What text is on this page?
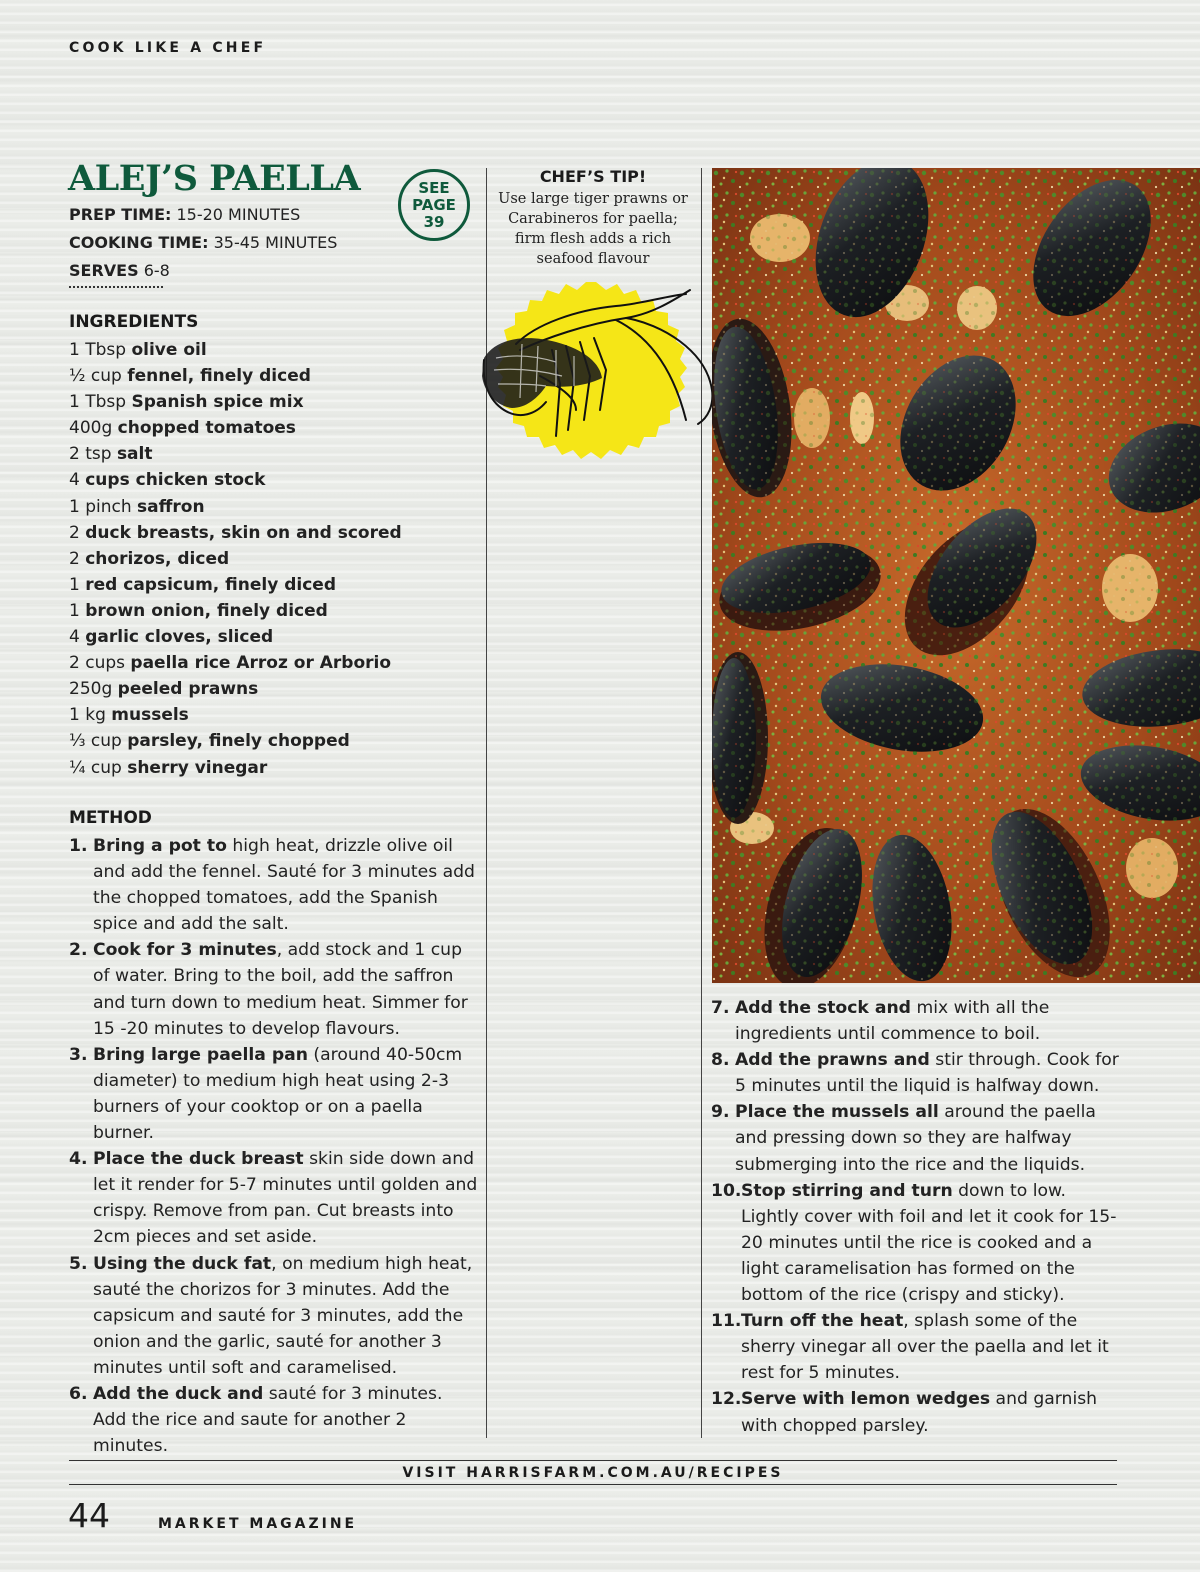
COOK LIKE A CHEF
ALEJ’S PAELLA	SEE
PAGE
39
PREP TIME: 15-20 MINUTES
COOKING TIME: 35-45 MINUTES
SERVES 6-8
INGREDIENTS
1 Tbsp olive oil
½ cup fennel, finely diced
1 Tbsp Spanish spice mix
400g chopped tomatoes
2 tsp salt
4 cups chicken stock
1 pinch saffron
2 duck breasts, skin on and scored
2 chorizos, diced
1 red capsicum, finely diced
1 brown onion, finely diced
4 garlic cloves, sliced
2 cups paella rice Arroz or Arborio
250g peeled prawns
1 kg mussels
⅓ cup parsley, finely chopped
¼ cup sherry vinegar
METHOD
1. Bring a pot to high heat, drizzle olive oil and add the fennel. Sauté for 3 minutes add the chopped tomatoes, add the Spanish spice and add the salt.
2. Cook for 3 minutes, add stock and 1 cup of water. Bring to the boil, add the saffron and turn down to medium heat. Simmer for 15 -20 minutes to develop flavours.
3. Bring large paella pan (around 40-50cm diameter) to medium high heat using 2-3 burners of your cooktop or on a paella burner.
4. Place the duck breast skin side down and let it render for 5-7 minutes until golden and crispy. Remove from pan. Cut breasts into 2cm pieces and set aside.
5. Using the duck fat, on medium high heat, sauté the chorizos for 3 minutes. Add the capsicum and sauté for 3 minutes, add the onion and the garlic, sauté for another 3 minutes until soft and caramelised.
6. Add the duck and sauté for 3 minutes. Add the rice and saute for another 2 minutes.
CHEF’S TIP!
Use large tiger prawns or Carabineros for paella; firm flesh adds a rich seafood flavour
7. Add the stock and mix with all the ingredients until commence to boil.
8. Add the prawns and stir through. Cook for 5 minutes until the liquid is halfway down.
9. Place the mussels all around the paella and pressing down so they are halfway submerging into the rice and the liquids.
10. Stop stirring and turn down to low. Lightly cover with foil and let it cook for 15-20 minutes until the rice is cooked and a light caramelisation has formed on the bottom of the rice (crispy and sticky).
11. Turn off the heat, splash some of the sherry vinegar all over the paella and let it rest for 5 minutes.
12. Serve with lemon wedges and garnish with chopped parsley.
VISIT HARRISFARM.COM.AU/RECIPES
44	MARKET MAGAZINE
